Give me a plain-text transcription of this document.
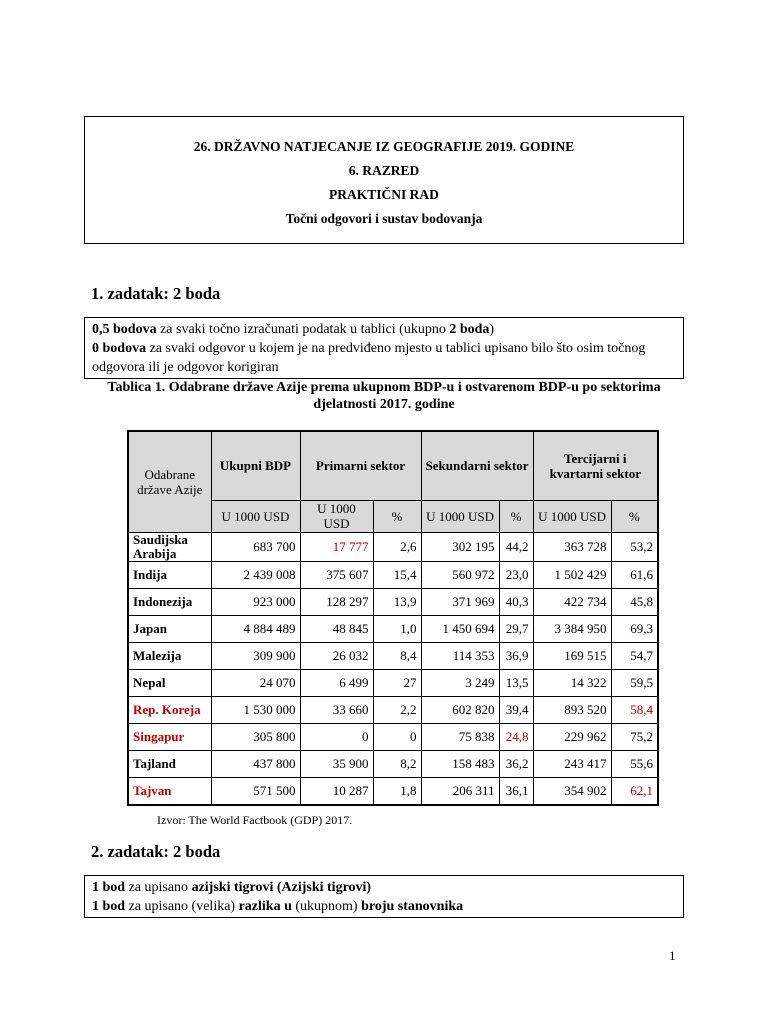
26. DRŽAVNO NATJECANJE IZ GEOGRAFIJE 2019. GODINE
6. RAZRED
PRAKTIČNI RAD
Točni odgovori i sustav bodovanja
1. zadatak: 2 boda

0,5 bodova za svaki točno izračunati podatak u tablici (ukupno 2 boda)

0 bodova za svaki odgovor u kojem je na predviđeno mjesto u tablici upisano bilo što osim točnog odgovora ili je odgovor korigiran

Tablica 1. Odabrane države Azije prema ukupnom BDP-u i ostvarenom BDP-u po sektorima djelatnosti 2017. godine
Odabrane države Azije	Ukupni BDP	Primarni sektor		Sekundarni sektor		Tercijarni i kvartarni sektor	
	U 1000 USD	U 1000 USD	%	U 1000 USD	%	U 1000 USD	%
Saudijska Arabija	683 700	17 777	2,6	302 195	44,2	363 728	53,2
Indija	2 439 008	375 607	15,4	560 972	23,0	1 502 429	61,6
Indonezija	923 000	128 297	13,9	371 969	40,3	422 734	45,8
Japan	4 884 489	48 845	1,0	1 450 694	29,7	3 384 950	69,3
Malezija	309 900	26 032	8,4	114 353	36,9	169 515	54,7
Nepal	24 070	6 499	27	3 249	13,5	14 322	59,5
Rep. Koreja	1 530 000	33 660	2,2	602 820	39,4	893 520	58,4
Singapur	305 800	0	0	75 838	24,8	229 962	75,2
Tajland	437 800	35 900	8,2	158 483	36,2	243 417	55,6
Tajvan	571 500	10 287	1,8	206 311	36,1	354 902	62,1
Izvor: The World Factbook (GDP) 2017.
2. zadatak: 2 boda

1 bod za upisano azijski tigrovi (Azijski tigrovi)

1 bod za upisano (velika) razlika u (ukupnom) broju stanovnika

1
